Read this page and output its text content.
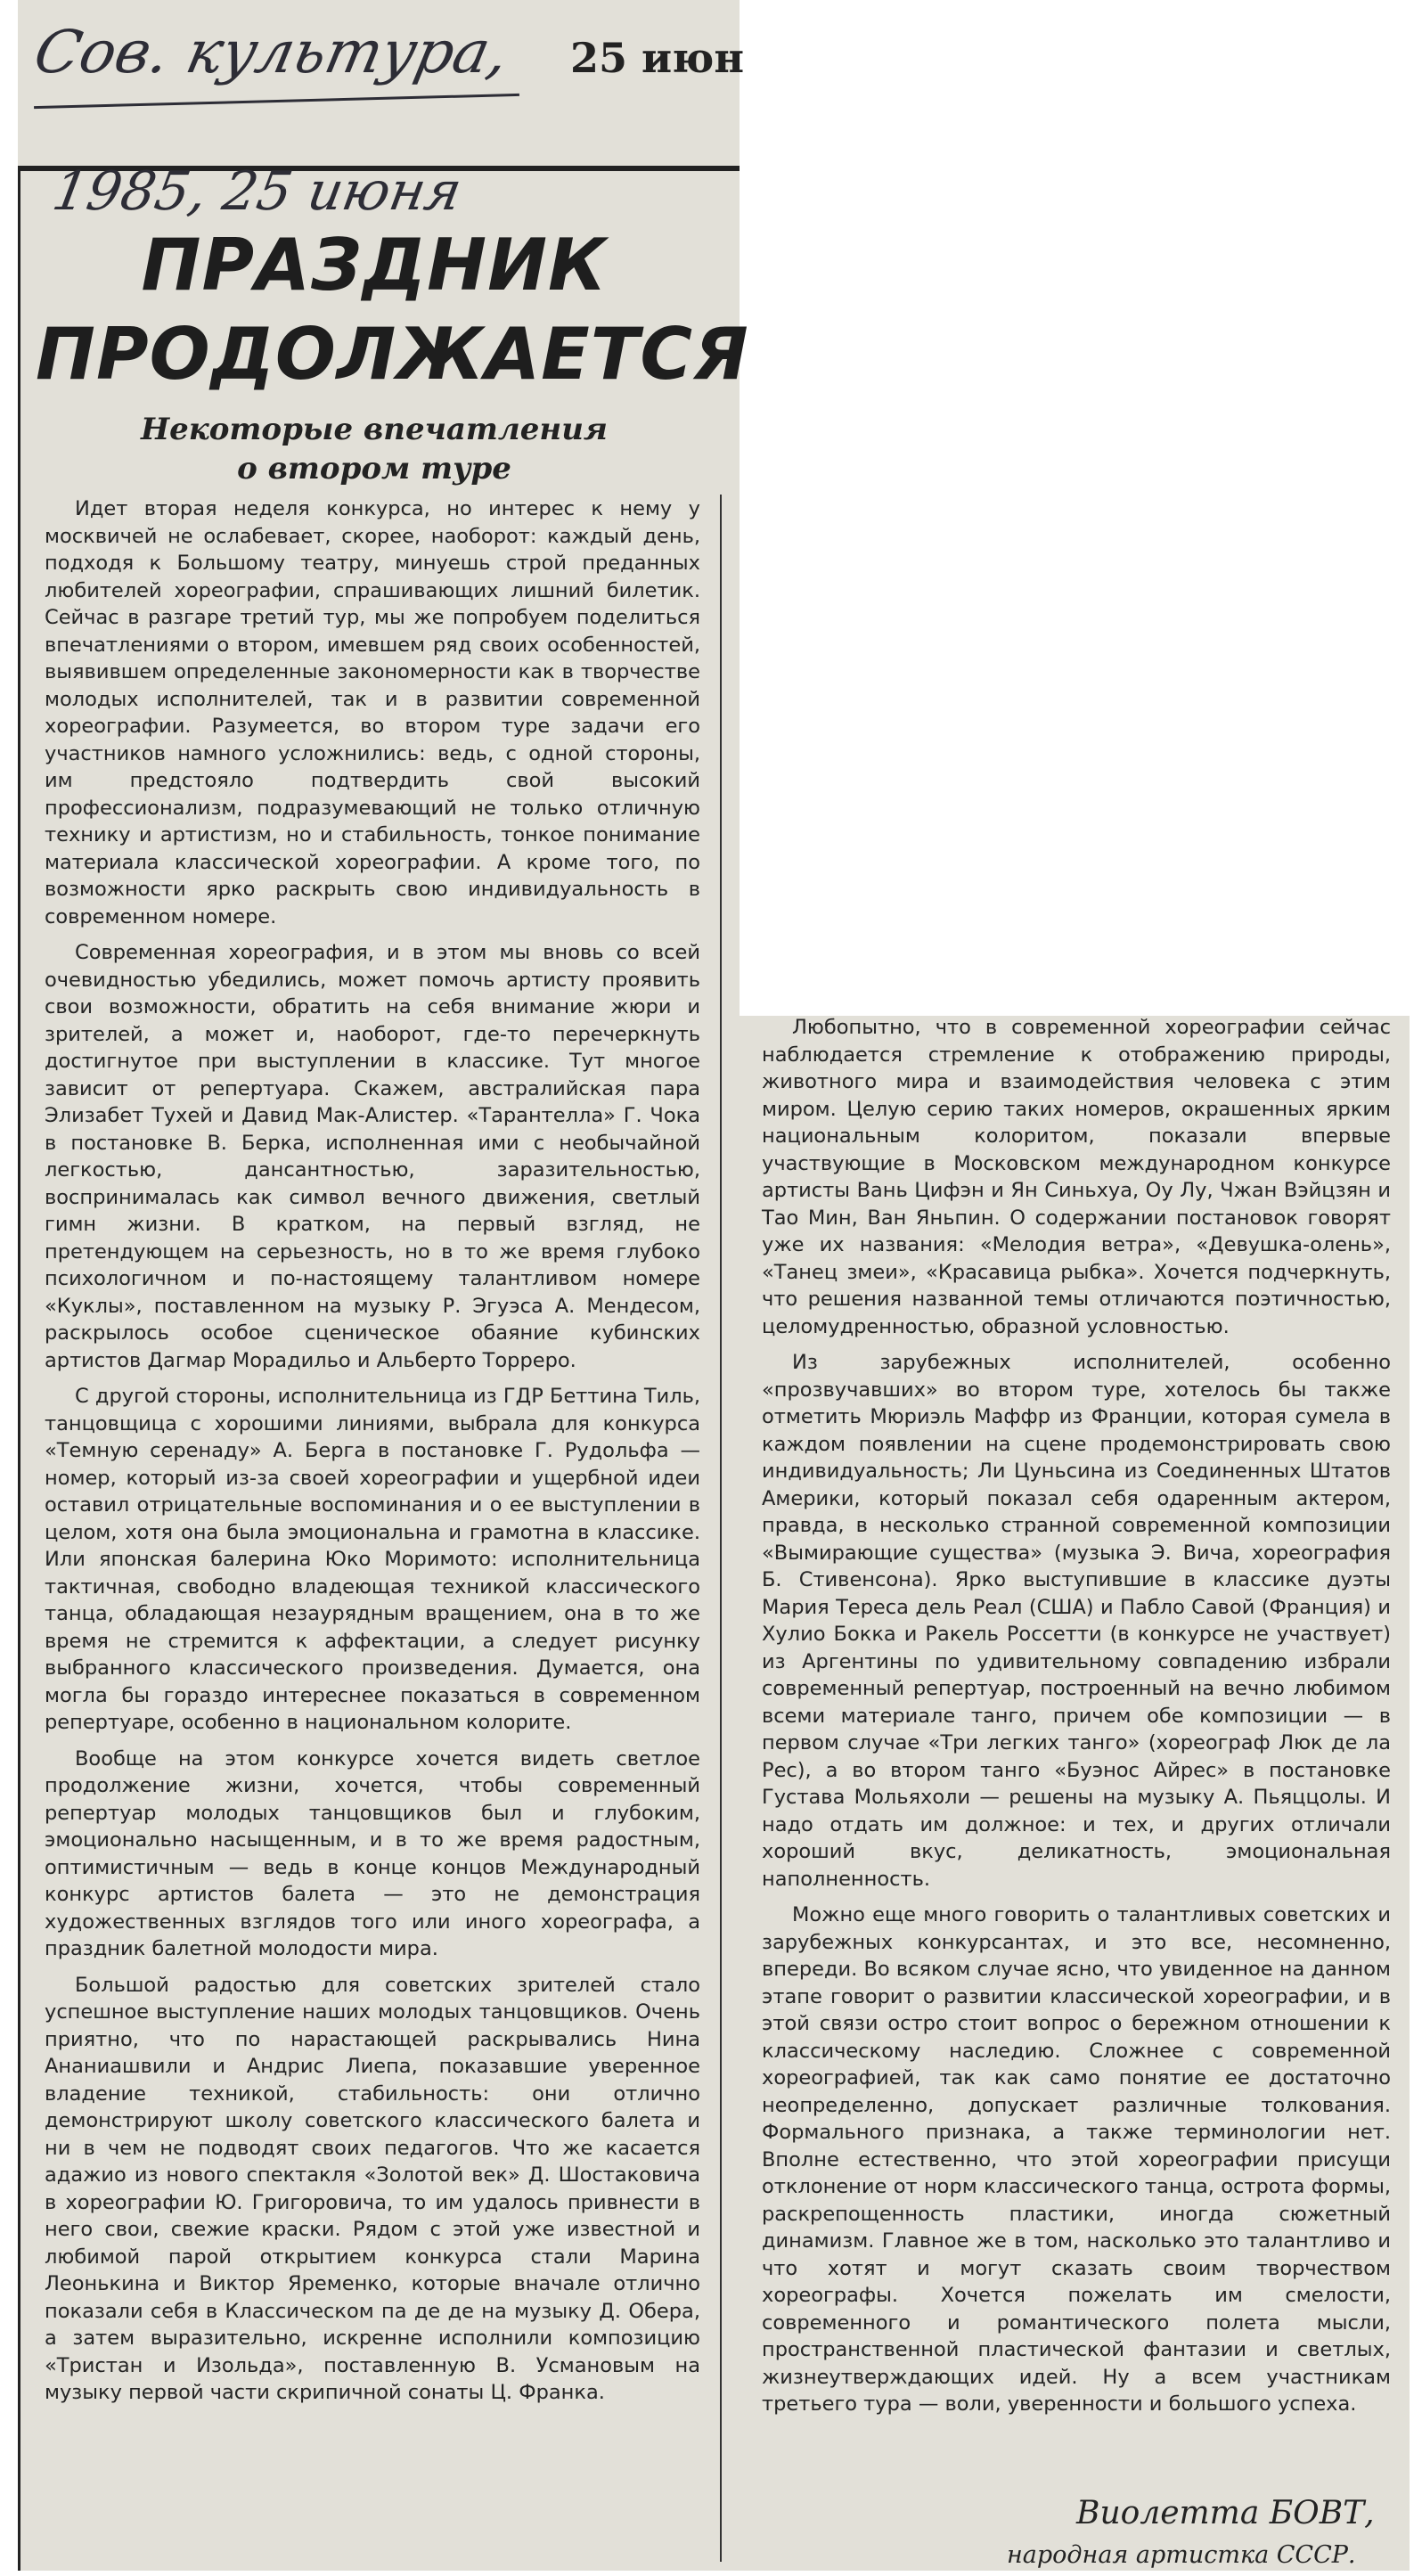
Сов. культура, 25 июн
1985, 25 июня
ПРАЗДНИК
ПРОДОЛЖАЕТСЯ
Некоторые впечатления
о втором туре

Идет вторая неделя конкурса, но интерес к нему у москвичей не ослабевает, скорее, наоборот: каждый день, подходя к Большому театру, минуешь строй преданных любителей хореографии, спрашивающих лишний билетик. Сейчас в разгаре третий тур, мы же попробуем поделиться впечатлениями о втором, имевшем ряд своих особенностей, выявившем определенные закономерности как в творчестве молодых исполнителей, так и в развитии современной хореографии. Разумеется, во втором туре задачи его участников намного усложнились: ведь, с одной стороны, им предстояло подтвердить свой высокий профессионализм, подразумевающий не только отличную технику и артистизм, но и стабильность, тонкое понимание материала классической хореографии. А кроме того, по возможности ярко раскрыть свою индивидуальность в современном номере.

Современная хореография, и в этом мы вновь со всей очевидностью убедились, может помочь артисту проявить свои возможности, обратить на себя внимание жюри и зрителей, а может и, наоборот, где-то перечеркнуть достигнутое при выступлении в классике. Тут многое зависит от репертуара. Скажем, австралийская пара Элизабет Тухей и Давид Мак-Алистер. «Тарантелла» Г. Чока в постановке В. Берка, исполненная ими с необычайной легкостью, дансантностью, заразительностью, воспринималась как символ вечного движения, светлый гимн жизни. В кратком, на первый взгляд, не претендующем на серьезность, но в то же время глубоко психологичном и по-настоящему талантливом номере «Куклы», поставленном на музыку Р. Эгуэса А. Мендесом, раскрылось особое сценическое обаяние кубинских артистов Дагмар Морадильо и Альберто Торреро.

С другой стороны, исполнительница из ГДР Беттина Тиль, танцовщица с хорошими линиями, выбрала для конкурса «Темную серенаду» А. Берга в постановке Г. Рудольфа — номер, который из-за своей хореографии и ущербной идеи оставил отрицательные воспоминания и о ее выступлении в целом, хотя она была эмоциональна и грамотна в классике. Или японская балерина Юко Моримото: исполнительница тактичная, свободно владеющая техникой классического танца, обладающая незаурядным вращением, она в то же время не стремится к аффектации, а следует рисунку выбранного классического произведения. Думается, она могла бы гораздо интереснее показаться в современном репертуаре, особенно в национальном колорите.

Вообще на этом конкурсе хочется видеть светлое продолжение жизни, хочется, чтобы современный репертуар молодых танцовщиков был и глубоким, эмоционально насыщенным, и в то же время радостным, оптимистичным — ведь в конце концов Международный конкурс артистов балета — это не демонстрация художественных взглядов того или иного хореографа, а праздник балетной молодости мира.

Большой радостью для советских зрителей стало успешное выступление наших молодых танцовщиков. Очень приятно, что по нарастающей раскрывались Нина Ананиашвили и Андрис Лиепа, показавшие уверенное владение техникой, стабильность: они отлично демонстрируют школу советского классического балета и ни в чем не подводят своих педагогов. Что же касается адажио из нового спектакля «Золотой век» Д. Шостаковича в хореографии Ю. Григоровича, то им удалось привнести в него свои, свежие краски. Рядом с этой уже известной и любимой парой открытием конкурса стали Марина Леонькина и Виктор Яременко, которые вначале отлично показали себя в Классическом па де де на музыку Д. Обера, а затем выразительно, искренне исполнили композицию «Тристан и Изольда», поставленную В. Усмановым на музыку первой части скрипичной сонаты Ц. Франка.

Любопытно, что в современной хореографии сейчас наблюдается стремление к отображению природы, животного мира и взаимодействия человека с этим миром. Целую серию таких номеров, окрашенных ярким национальным колоритом, показали впервые участвующие в Московском международном конкурсе артисты Вань Цифэн и Ян Синьхуа, Оу Лу, Чжан Вэйцзян и Тао Мин, Ван Яньпин. О содержании постановок говорят уже их названия: «Мелодия ветра», «Девушка-олень», «Танец змеи», «Красавица рыбка». Хочется подчеркнуть, что решения названной темы отличаются поэтичностью, целомудренностью, образной условностью.

Из зарубежных исполнителей, особенно «прозвучавших» во втором туре, хотелось бы также отметить Мюриэль Маффр из Франции, которая сумела в каждом появлении на сцене продемонстрировать свою индивидуальность; Ли Цуньсина из Соединенных Штатов Америки, который показал себя одаренным актером, правда, в несколько странной современной композиции «Вымирающие существа» (музыка Э. Вича, хореография Б. Стивенсона). Ярко выступившие в классике дуэты Мария Тереса дель Реал (США) и Пабло Савой (Франция) и Хулио Бокка и Ракель Россетти (в конкурсе не участвует) из Аргентины по удивительному совпадению избрали современный репертуар, построенный на вечно любимом всеми материале танго, причем обе композиции — в первом случае «Три легких танго» (хореограф Люк де ла Рес), а во втором танго «Буэнос Айрес» в постановке Густава Мольяхоли — решены на музыку А. Пьяццолы. И надо отдать им должное: и тех, и других отличали хороший вкус, деликатность, эмоциональная наполненность.

Можно еще много говорить о талантливых советских и зарубежных конкурсантах, и это все, несомненно, впереди. Во всяком случае ясно, что увиденное на данном этапе говорит о развитии классической хореографии, и в этой связи остро стоит вопрос о бережном отношении к классическому наследию. Сложнее с современной хореографией, так как само понятие ее достаточно неопределенно, допускает различные толкования. Формального признака, а также терминологии нет. Вполне естественно, что этой хореографии присущи отклонение от норм классического танца, острота формы, раскрепощенность пластики, иногда сюжетный динамизм. Главное же в том, насколько это талантливо и что хотят и могут сказать своим творчеством хореографы. Хочется пожелать им смелости, современного и романтического полета мысли, пространственной пластической фантазии и светлых, жизнеутверждающих идей. Ну а всем участникам третьего тура — воли, уверенности и большого успеха.

Виолетта БОВТ,
народная артистка СССР.
